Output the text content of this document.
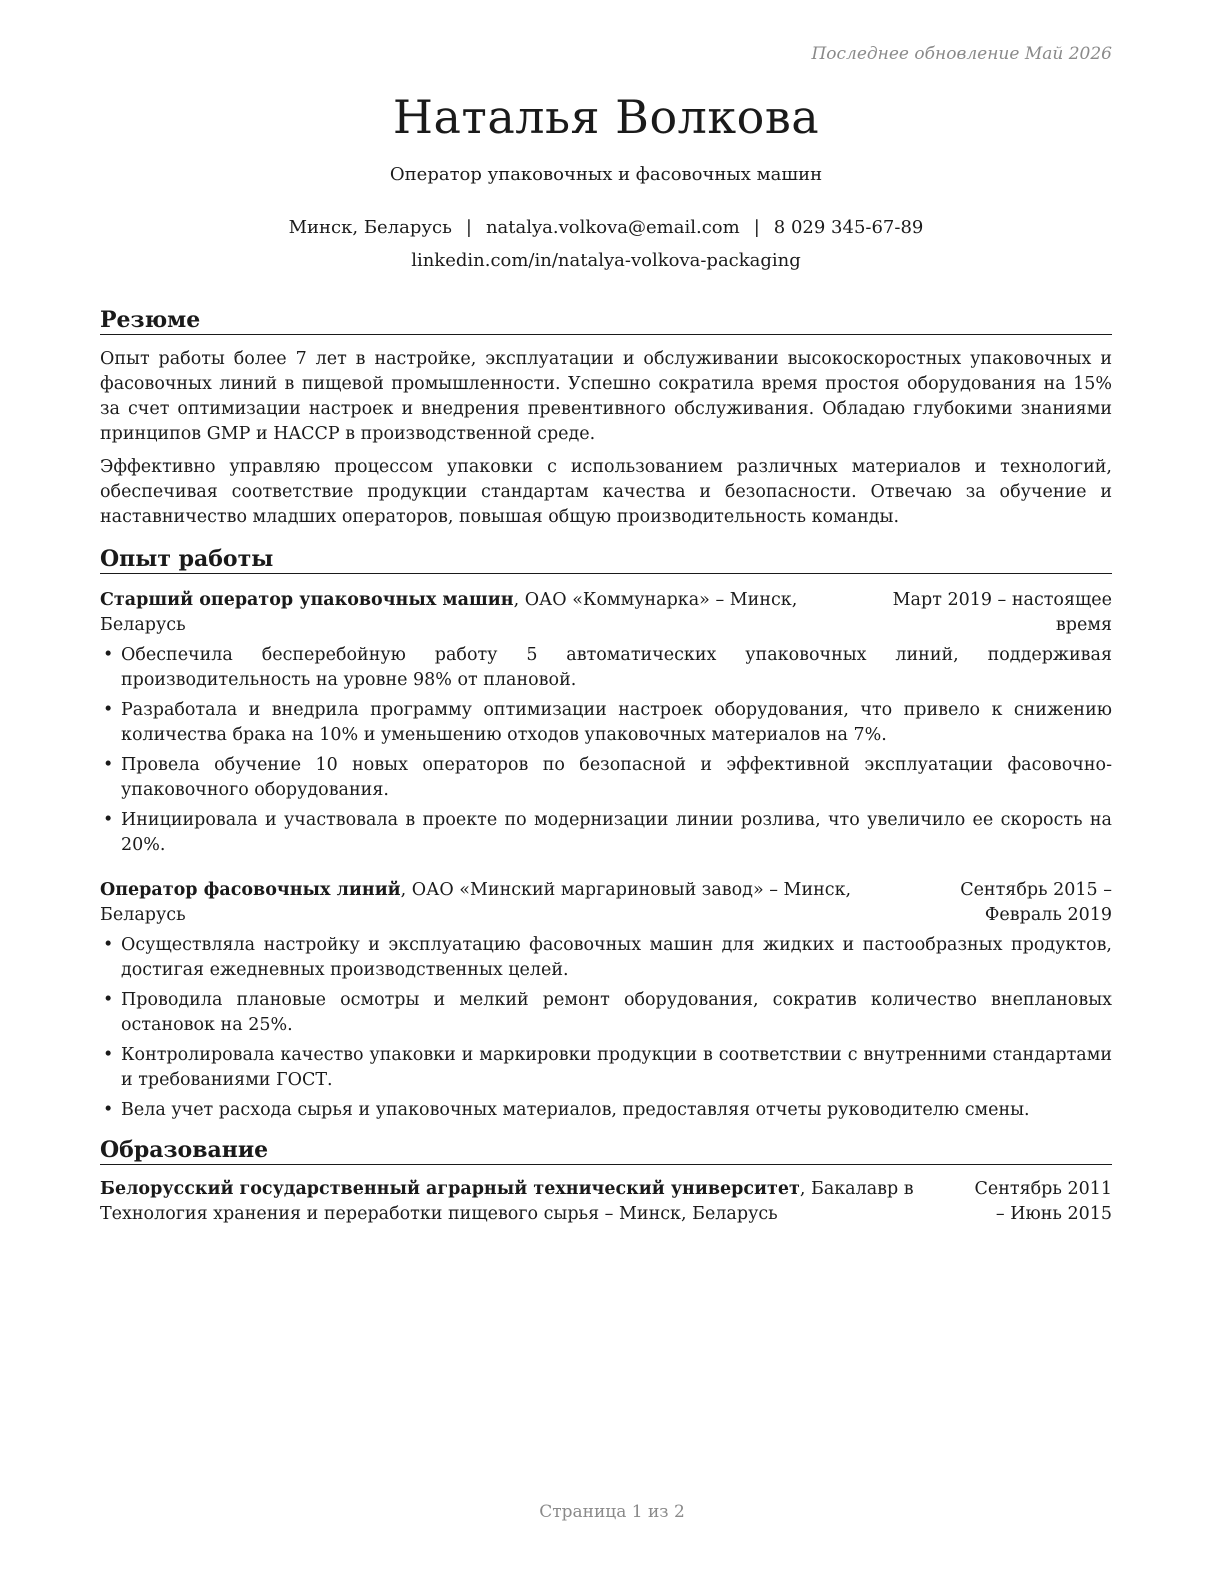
Последнее обновление Май 2026
Наталья Волкова
Оператор упаковочных и фасовочных машин
Минск, Беларусь | natalya.volkova@email.com | 8 029 345-67-89
linkedin.com/in/natalya-volkova-packaging
Резюме

Опыт работы более 7 лет в настройке, эксплуатации и обслуживании высокоскоростных упаковочных и фасовочных линий в пищевой промышленности. Успешно сократила время простоя оборудования на 15% за счет оптимизации настроек и внедрения превентивного обслуживания. Обладаю глубокими знаниями принципов GMP и HACCP в производственной среде.

Эффективно управляю процессом упаковки с использованием различных материалов и технологий, обеспечивая соответствие продукции стандартам качества и безопасности. Отвечаю за обучение и наставничество младших операторов, повышая общую производительность команды.

Опыт работы
Старший оператор упаковочных машин, ОАО «Коммунарка» – Минск, Беларусь
Март 2019 – настоящее время
• Обеспечила бесперебойную работу 5 автоматических упаковочных линий, поддерживая производительность на уровне 98% от плановой.
• Разработала и внедрила программу оптимизации настроек оборудования, что привело к снижению количества брака на 10% и уменьшению отходов упаковочных материалов на 7%.
• Провела обучение 10 новых операторов по безопасной и эффективной эксплуатации фасовочно-упаковочного оборудования.
• Инициировала и участвовала в проекте по модернизации линии розлива, что увеличило ее скорость на 20%.
Оператор фасовочных линий, ОАО «Минский маргариновый завод» – Минск, Беларусь
Сентябрь 2015 – Февраль 2019
• Осуществляла настройку и эксплуатацию фасовочных машин для жидких и пастообразных продуктов, достигая ежедневных производственных целей.
• Проводила плановые осмотры и мелкий ремонт оборудования, сократив количество внеплановых остановок на 25%.
• Контролировала качество упаковки и маркировки продукции в соответствии с внутренними стандартами и требованиями ГОСТ.
• Вела учет расхода сырья и упаковочных материалов, предоставляя отчеты руководителю смены.
Образование
Белорусский государственный аграрный технический университет, Бакалавр в Технология хранения и переработки пищевого сырья – Минск, Беларусь
Сентябрь 2011 – Июнь 2015
Страница 1 из 2
